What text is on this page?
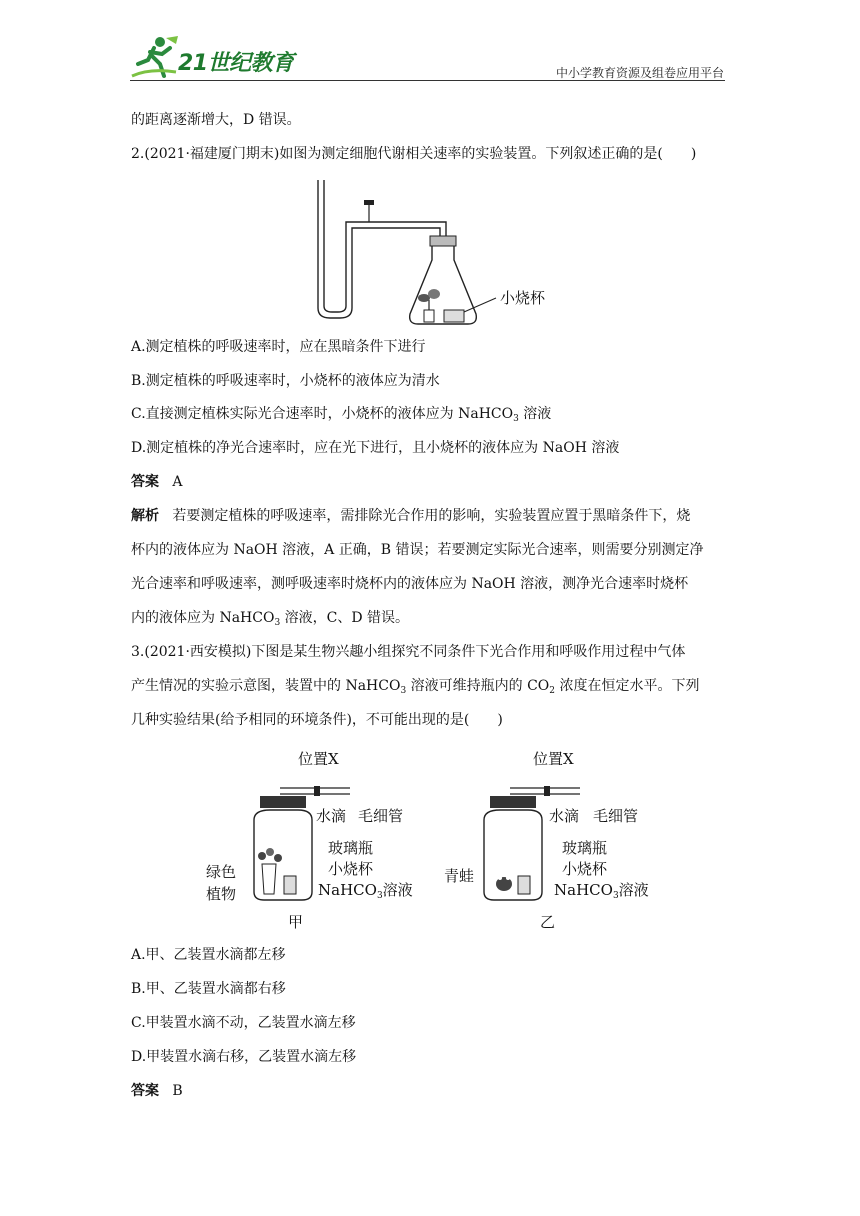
21世纪教育	中小学教育资源及组卷应用平台
的距离逐渐增大，D 错误。
2.(2021·福建厦门期末)如图为测定细胞代谢相关速率的实验装置。下列叙述正确的是(　　)
小烧杯
A.测定植株的呼吸速率时，应在黑暗条件下进行
B.测定植株的呼吸速率时，小烧杯的液体应为清水
C.直接测定植株实际光合速率时，小烧杯的液体应为 NaHCO$_3$ 溶液
D.测定植株的净光合速率时，应在光下进行，且小烧杯的液体应为 NaOH 溶液
答案 A
解析 若要测定植株的呼吸速率，需排除光合作用的影响，实验装置应置于黑暗条件下，烧
杯内的液体应为 NaOH 溶液，A 正确，B 错误；若要测定实际光合速率，则需要分别测定净
光合速率和呼吸速率，测呼吸速率时烧杯内的液体应为 NaOH 溶液，测净光合速率时烧杯
内的液体应为 NaHCO$_3$ 溶液，C、D 错误。
3.(2021·西安模拟)下图是某生物兴趣小组探究不同条件下光合作用和呼吸作用过程中气体
产生情况的实验示意图，装置中的 NaHCO$_3$ 溶液可维持瓶内的 $CO_2$ 浓度在恒定水平。下列
几种实验结果(给予相同的环境条件)，不可能出现的是(　　)
位置X
水滴 毛细管
玻璃瓶
小烧杯
NaHCO$_3$溶液
绿色
植物
甲
位置X
水滴 毛细管
玻璃瓶
小烧杯
NaHCO$_3$溶液
青蛙
乙
A.甲、乙装置水滴都左移
B.甲、乙装置水滴都右移
C.甲装置水滴不动，乙装置水滴左移
D.甲装置水滴右移，乙装置水滴左移
答案 B
